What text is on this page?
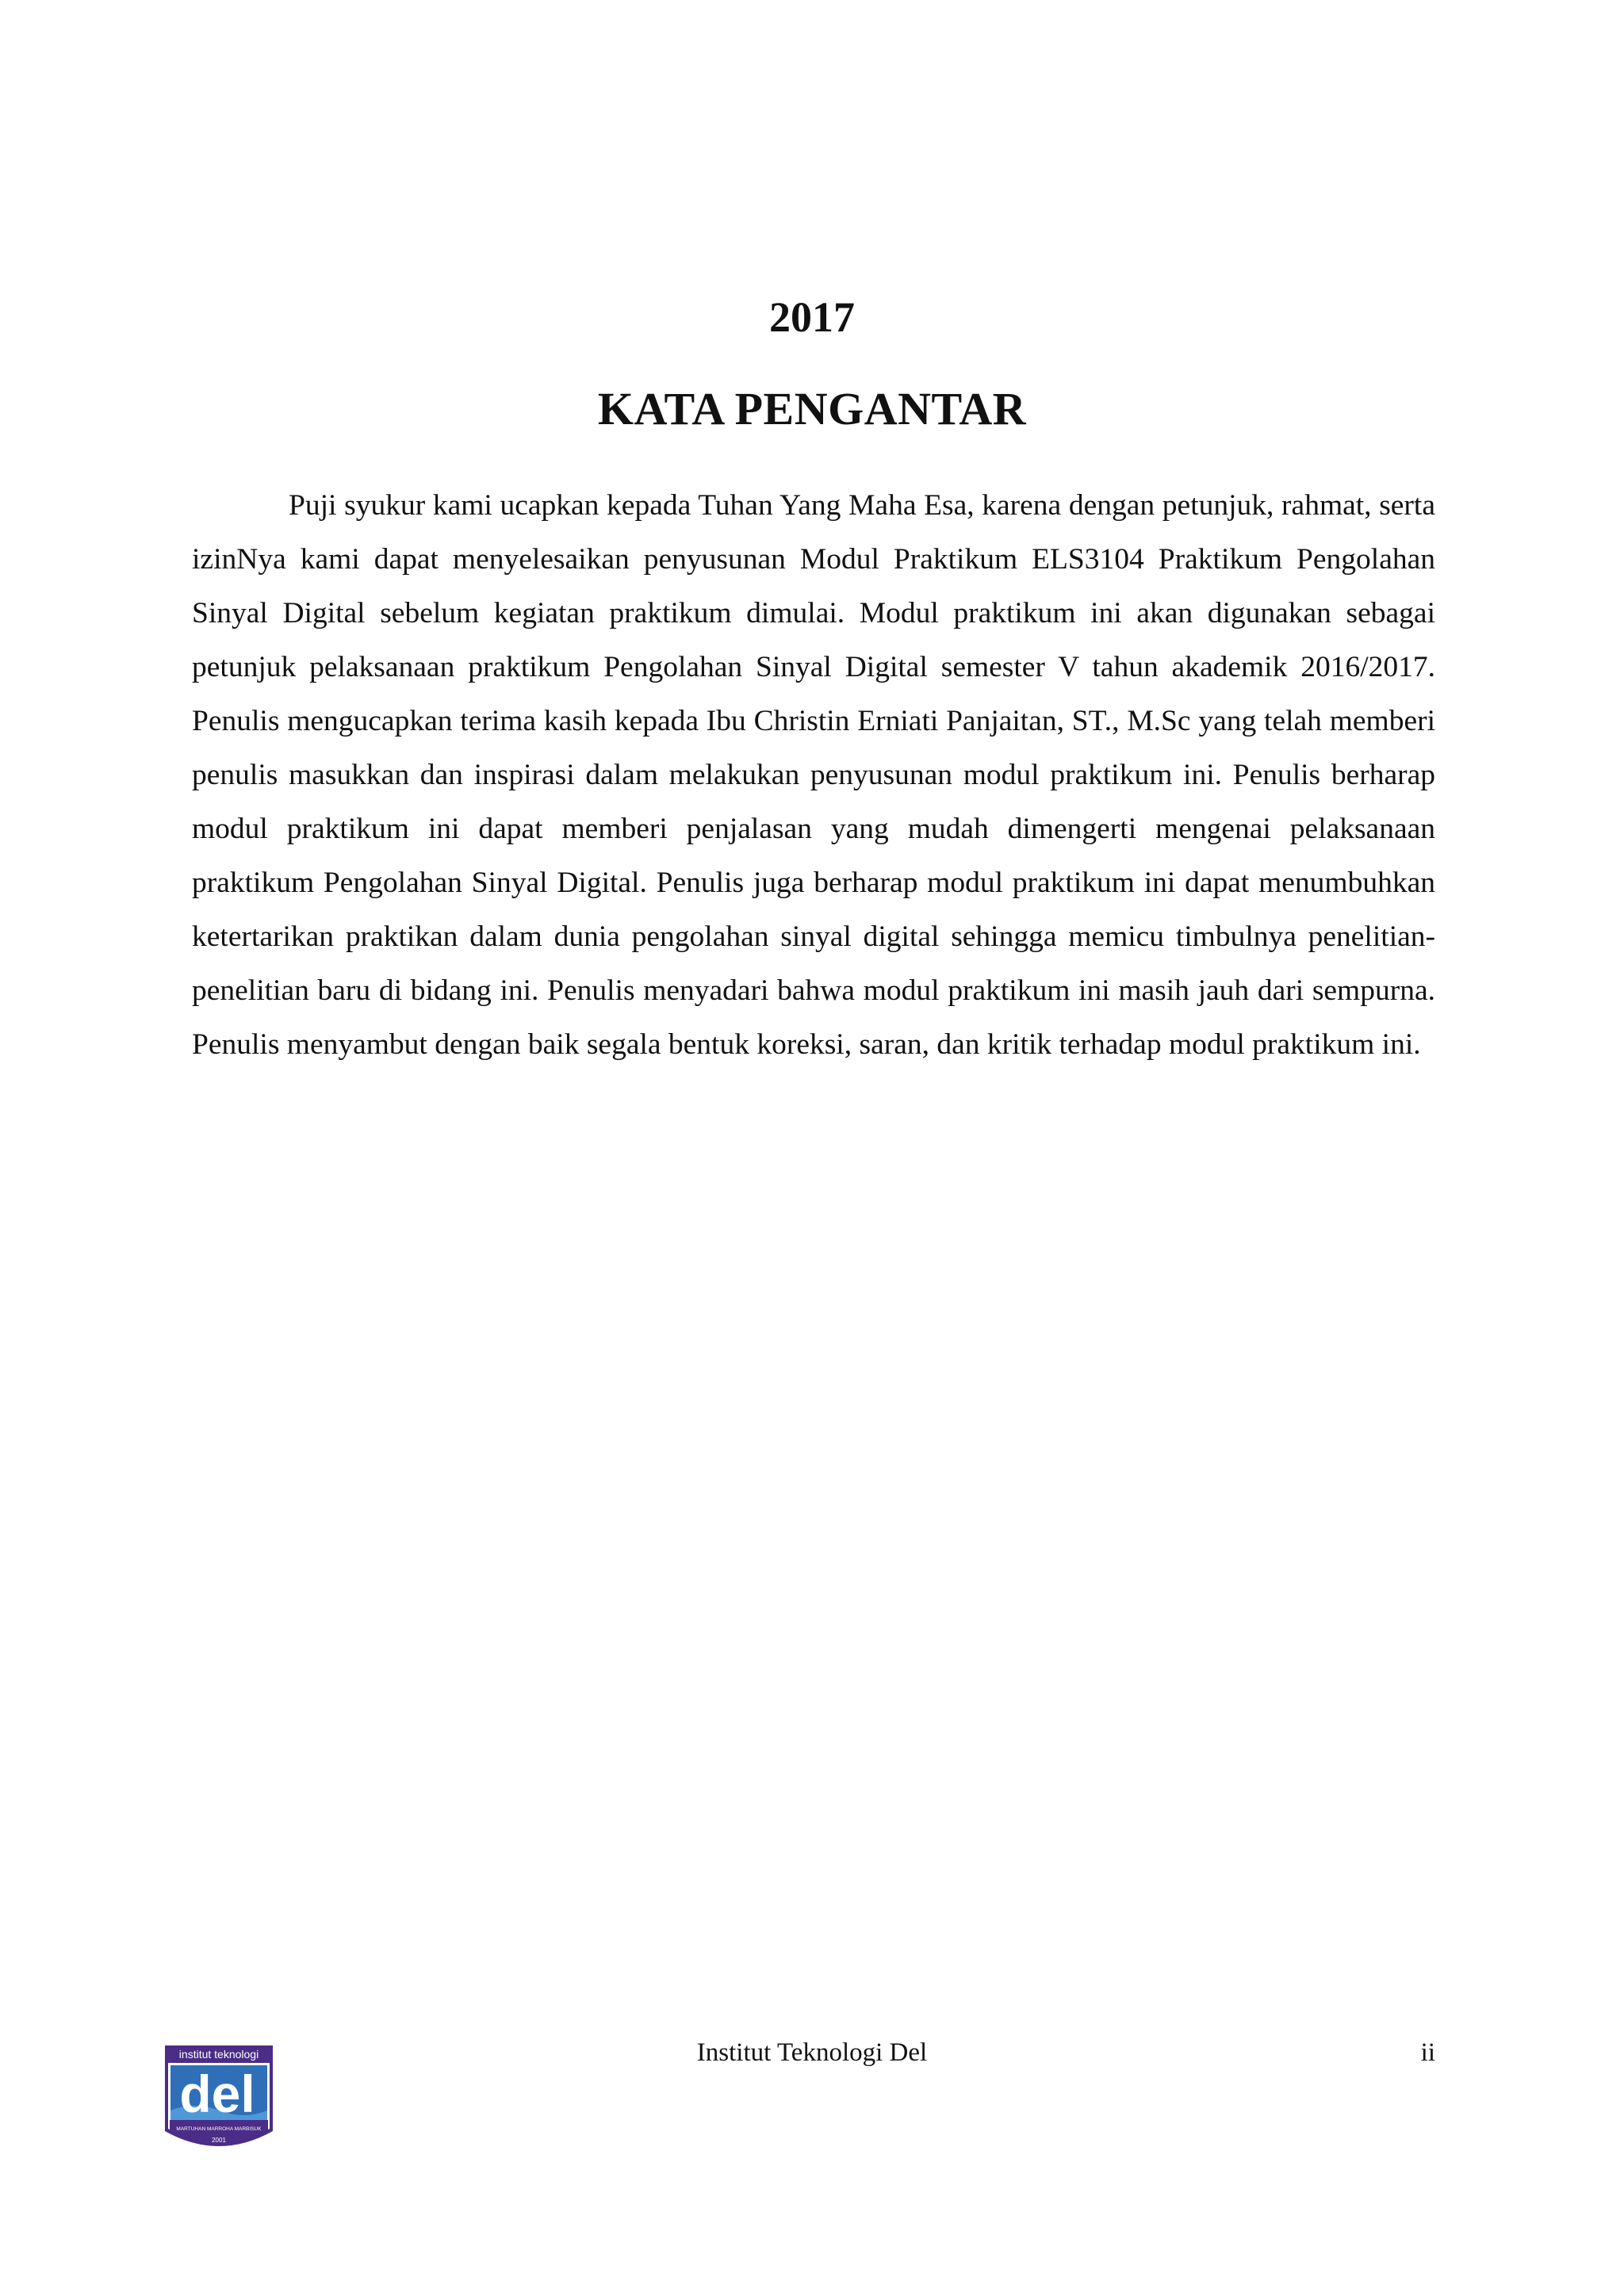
2017
KATA PENGANTAR

Puji syukur kami ucapkan kepada Tuhan Yang Maha Esa, karena dengan petunjuk, rahmat, serta izinNya kami dapat menyelesaikan penyusunan Modul Praktikum ELS3104 Praktikum Pengolahan Sinyal Digital sebelum kegiatan praktikum dimulai. Modul praktikum ini akan digunakan sebagai petunjuk pelaksanaan praktikum Pengolahan Sinyal Digital semester V tahun akademik 2016/2017. Penulis mengucapkan terima kasih kepada Ibu Christin Erniati Panjaitan, ST., M.Sc yang telah memberi penulis masukkan dan inspirasi dalam melakukan penyusunan modul praktikum ini. Penulis berharap modul praktikum ini dapat memberi penjalasan yang mudah dimengerti mengenai pelaksanaan praktikum Pengolahan Sinyal Digital. Penulis juga berharap modul praktikum ini dapat menumbuhkan ketertarikan praktikan dalam dunia pengolahan sinyal digital sehingga memicu timbulnya penelitian-penelitian baru di bidang ini. Penulis menyadari bahwa modul praktikum ini masih jauh dari sempurna. Penulis menyambut dengan baik segala bentuk koreksi, saran, dan kritik terhadap modul praktikum ini.

institut teknologi
del
MARTUHAN MARROHA MARBISUK
2001
Institut Teknologi Del	ii
